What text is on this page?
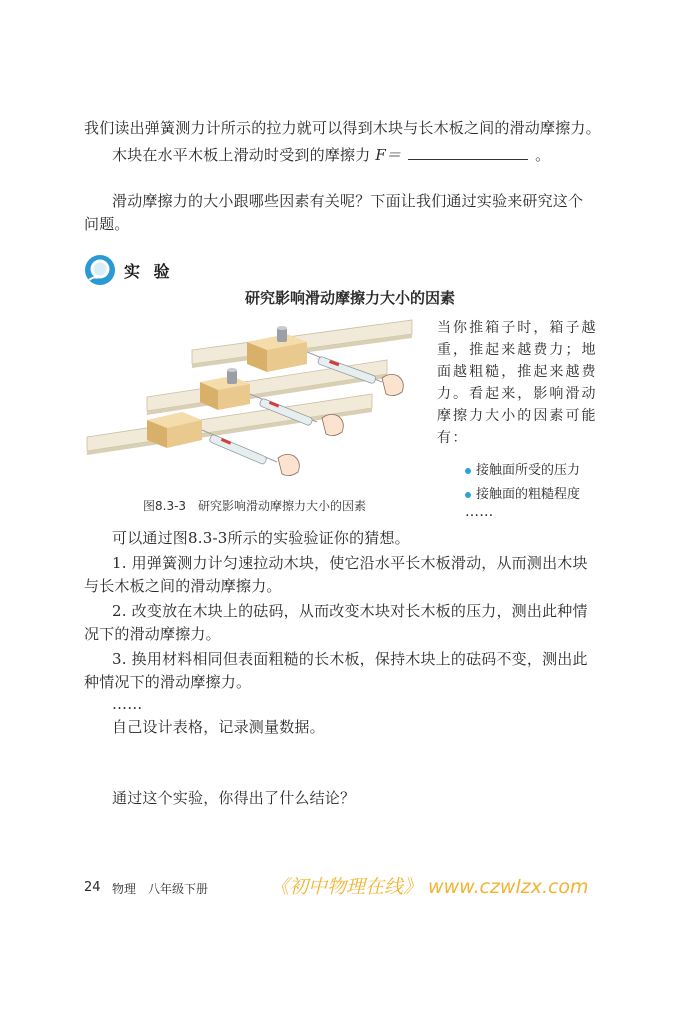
我们读出弹簧测力计所示的拉力就可以得到木块与长木板之间的滑动摩擦力。
木块在水平木板上滑动时受到的摩擦力 F＝	。
滑动摩擦力的大小跟哪些因素有关呢？下面让我们通过实验来研究这个
问题。
实 验
研究影响滑动摩擦力大小的因素
图8.3-3　研究影响滑动摩擦力大小的因素
当你推箱子时，箱子越重，推起来越费力；地面越粗糙，推起来越费力。看起来，影响滑动摩擦力大小的因素可能有：
接触面所受的压力
接触面的粗糙程度
……
可以通过图8.3-3所示的实验验证你的猜想。
1. 用弹簧测力计匀速拉动木块，使它沿水平长木板滑动，从而测出木块
与长木板之间的滑动摩擦力。
2. 改变放在木块上的砝码，从而改变木块对长木板的压力，测出此种情
况下的滑动摩擦力。
3. 换用材料相同但表面粗糙的长木板，保持木块上的砝码不变，测出此
种情况下的滑动摩擦力。
……
自己设计表格，记录测量数据。
通过这个实验，你得出了什么结论？
24 物理　八年级下册	《初中物理在线》 www.czwlzx.com
